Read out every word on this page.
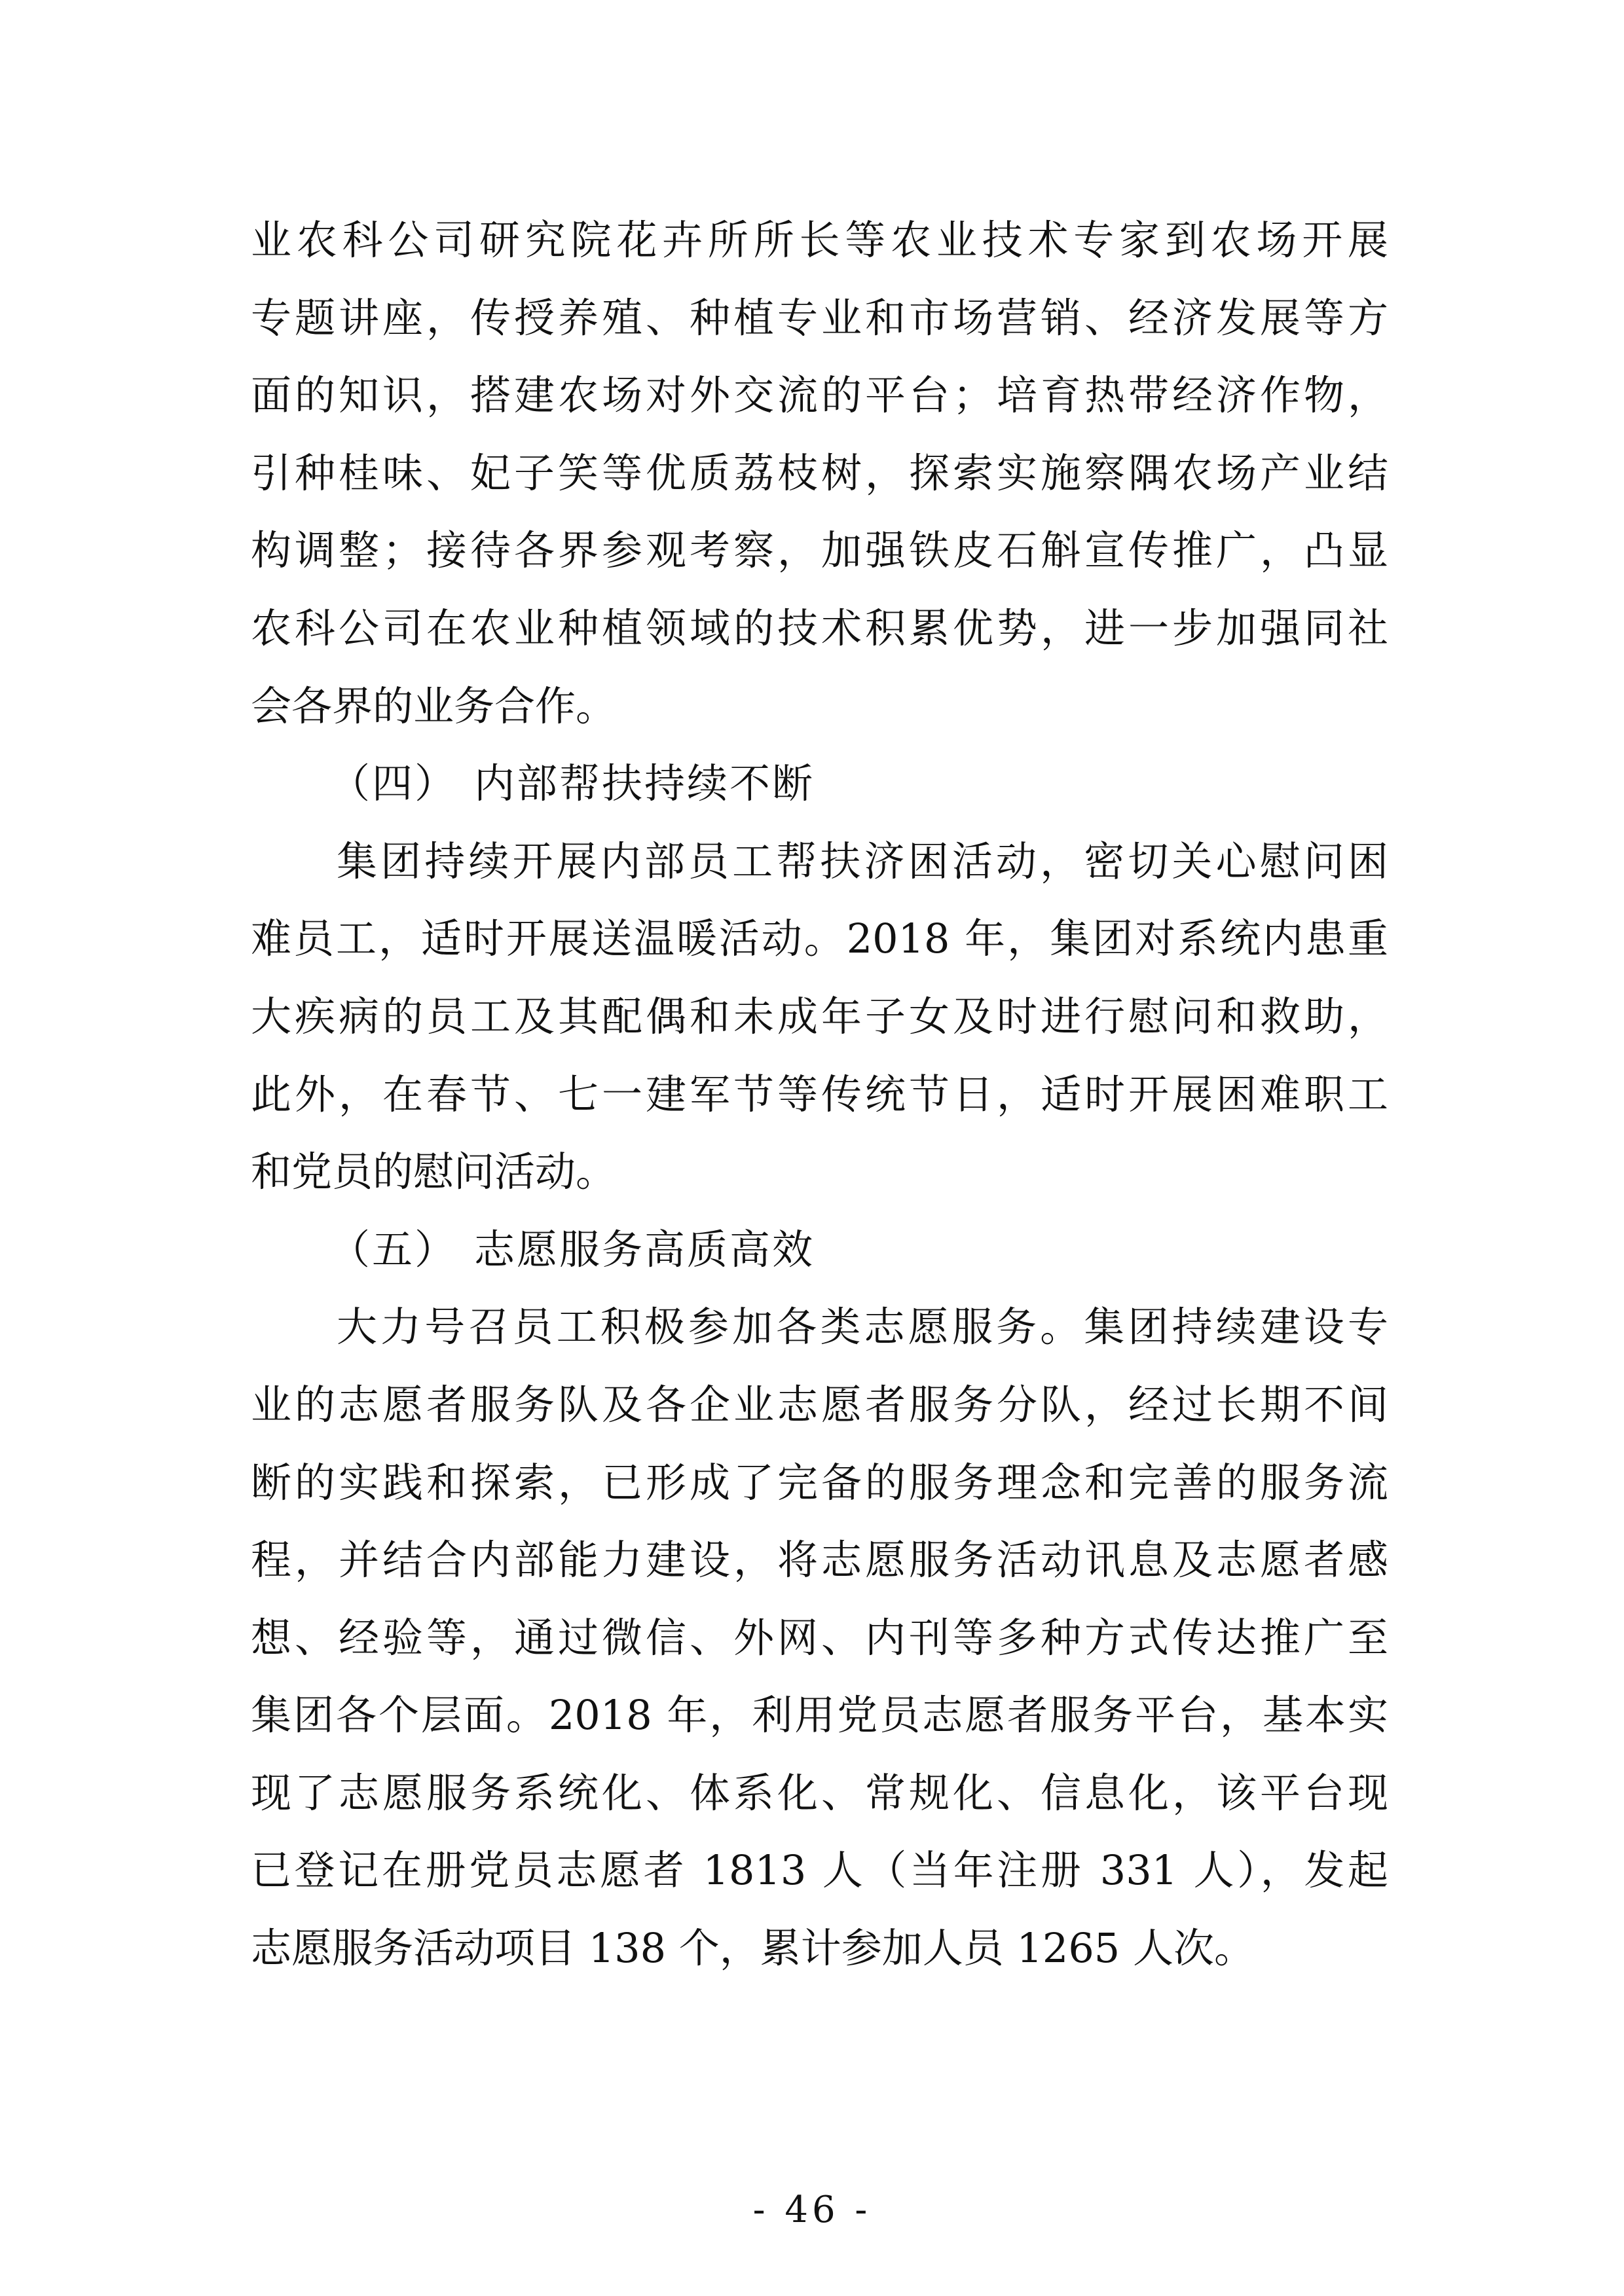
业农科公司研究院花卉所所长等农业技术专家到农场开展
专题讲座，传授养殖、种植专业和市场营销、经济发展等方
面的知识，搭建农场对外交流的平台；培育热带经济作物，
引种桂味、妃子笑等优质荔枝树，探索实施察隅农场产业结
构调整；接待各界参观考察，加强铁皮石斛宣传推广，凸显
农科公司在农业种植领域的技术积累优势，进一步加强同社
会各界的业务合作。
（四） 内部帮扶持续不断
集团持续开展内部员工帮扶济困活动，密切关心慰问困
难员工，适时开展送温暖活动。2018 年，集团对系统内患重
大疾病的员工及其配偶和未成年子女及时进行慰问和救助，
此外，在春节、七一建军节等传统节日，适时开展困难职工
和党员的慰问活动。
（五） 志愿服务高质高效
大力号召员工积极参加各类志愿服务。集团持续建设专
业的志愿者服务队及各企业志愿者服务分队，经过长期不间
断的实践和探索，已形成了完备的服务理念和完善的服务流
程，并结合内部能力建设，将志愿服务活动讯息及志愿者感
想、经验等，通过微信、外网、内刊等多种方式传达推广至
集团各个层面。2018 年，利用党员志愿者服务平台，基本实
现了志愿服务系统化、体系化、常规化、信息化，该平台现
已登记在册党员志愿者 1813 人（当年注册 331 人），发起
志愿服务活动项目 138 个，累计参加人员 1265 人次。
- 46 -
